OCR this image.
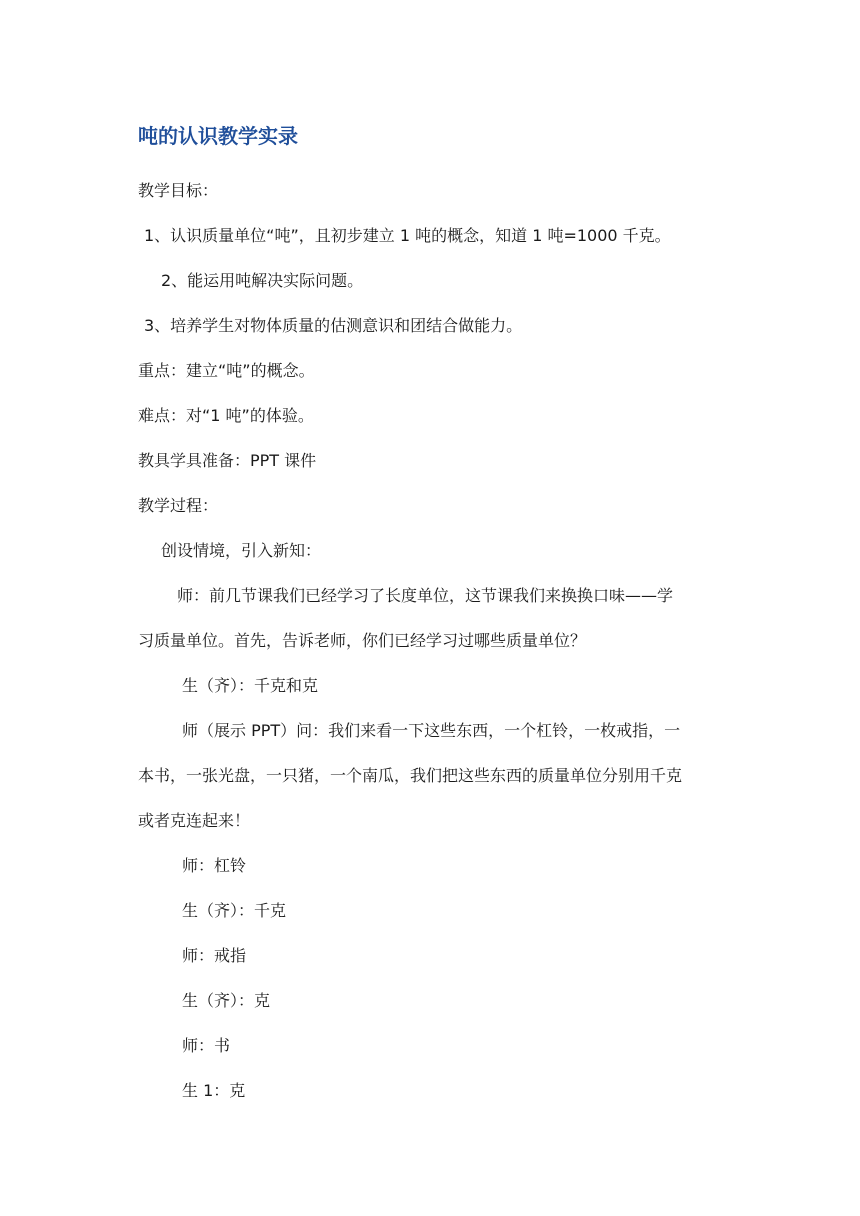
吨的认识教学实录
教学目标：
1、认识质量单位“吨”，且初步建立 1 吨的概念，知道 1 吨=1000 千克。
2、能运用吨解决实际问题。
3、培养学生对物体质量的估测意识和团结合做能力。
重点：建立“吨”的概念。
难点：对“1 吨”的体验。
教具学具准备：PPT 课件
教学过程：
创设情境，引入新知：
师：前几节课我们已经学习了长度单位，这节课我们来换换口味——学
习质量单位。首先，告诉老师，你们已经学习过哪些质量单位？
生（齐）：千克和克
师（展示 PPT）问：我们来看一下这些东西，一个杠铃，一枚戒指，一
本书，一张光盘，一只猪，一个南瓜，我们把这些东西的质量单位分别用千克
或者克连起来！
师：杠铃
生（齐）：千克
师：戒指
生（齐）：克
师：书
生 1：克
